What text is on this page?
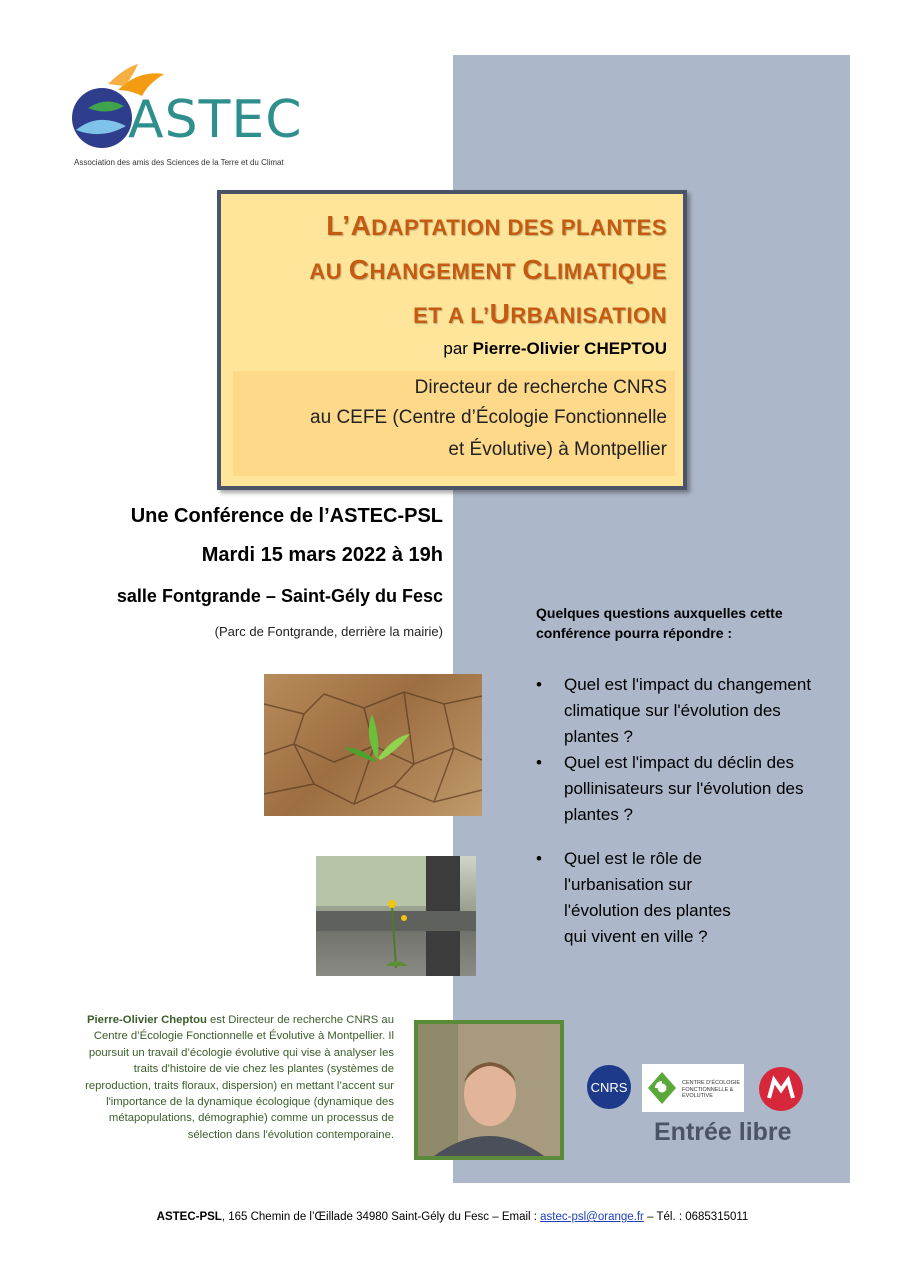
ASTEC
Association des amis des Sciences de la Terre et du Climat
L’ADAPTATION DES PLANTES
AU CHANGEMENT CLIMATIQUE
ET A L’URBANISATION
par Pierre-Olivier CHEPTOU
Directeur de recherche CNRS
au CEFE (Centre d’Écologie Fonctionnelle
et Évolutive) à Montpellier
Une Conférence de l’ASTEC-PSL
Mardi 15 mars 2022 à 19h
salle Fontgrande – Saint-Gély du Fesc
(Parc de Fontgrande, derrière la mairie)
Quelques questions auxquelles cette conférence pourra répondre :
• Quel est l'impact du changement climatique sur l'évolution des plantes ?
• Quel est l'impact du déclin des pollinisateurs sur l'évolution des plantes ?
• Quel est le rôle de l'urbanisation sur l'évolution des plantes qui vivent en ville ?
Pierre-Olivier Cheptou est Directeur de recherche CNRS au Centre d’Écologie Fonctionnelle et Évolutive à Montpellier. Il poursuit un travail d’écologie évolutive qui vise à analyser les traits d'histoire de vie chez les plantes (systèmes de reproduction, traits floraux, dispersion) en mettant l’accent sur l'importance de la dynamique écologique (dynamique des métapopulations, démographie) comme un processus de sélection dans l'évolution contemporaine.
CNRS	CENTRE D’ÉCOLOGIE FONCTIONNELLE & ÉVOLUTIVE
Entrée libre
ASTEC-PSL, 165 Chemin de l’Œillade 34980 Saint-Gély du Fesc – Email : astec-psl@orange.fr – Tél. : 0685315011
